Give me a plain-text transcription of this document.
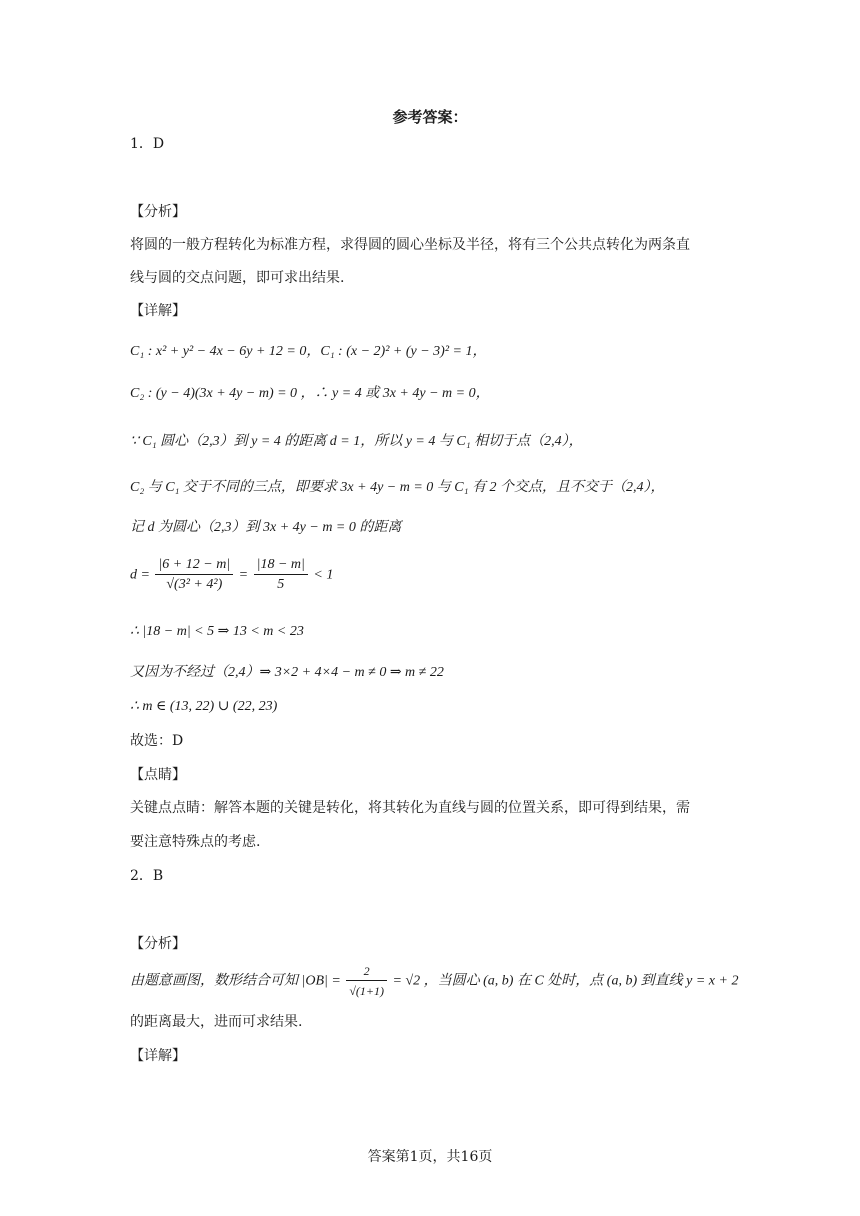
参考答案：
1．D
【分析】
将圆的一般方程转化为标准方程，求得圆的圆心坐标及半径，将有三个公共点转化为两条直
线与圆的交点问题，即可求出结果.
【详解】
C₁ : x² + y² − 4x − 6y + 12 = 0，C₁ : (x − 2)² + (y − 3)² = 1，
C₂ : (y − 4)(3x + 4y − m) = 0 ，∴ y = 4 或 3x + 4y − m = 0，
∵ C₁ 圆心（2,3）到 y = 4 的距离 d = 1，所以 y = 4 与 C₁ 相切于点（2,4），
C₂ 与 C₁ 交于不同的三点，即要求 3x + 4y − m = 0 与 C₁ 有 2 个交点，且不交于（2,4），
记 d 为圆心（2,3）到 3x + 4y − m = 0 的距离
$d = \frac{|6 + 12 - m|}{\text{√(3² + 4²)}} = \frac{|18 - m|}{5} < 1$
∴ |18 − m| < 5 ⇒ 13 < m < 23
又因为不经过（2,4）⇒ 3×2 + 4×4 − m ≠ 0 ⇒ m ≠ 22
∴ m ∈ (13, 22) ∪ (22, 23)
故选：D
【点睛】
关键点点睛：解答本题的关键是转化，将其转化为直线与圆的位置关系，即可得到结果，需
要注意特殊点的考虑.
2．B
【分析】
由题意画图，数形结合可知 $|OB| = \frac{2}{√(1+1)} = √2$ ，当圆心 (a, b) 在 C 处时，点 (a, b) 到直线 y = x + 2
的距离最大，进而可求结果.
【详解】
答案第1页，共16页
